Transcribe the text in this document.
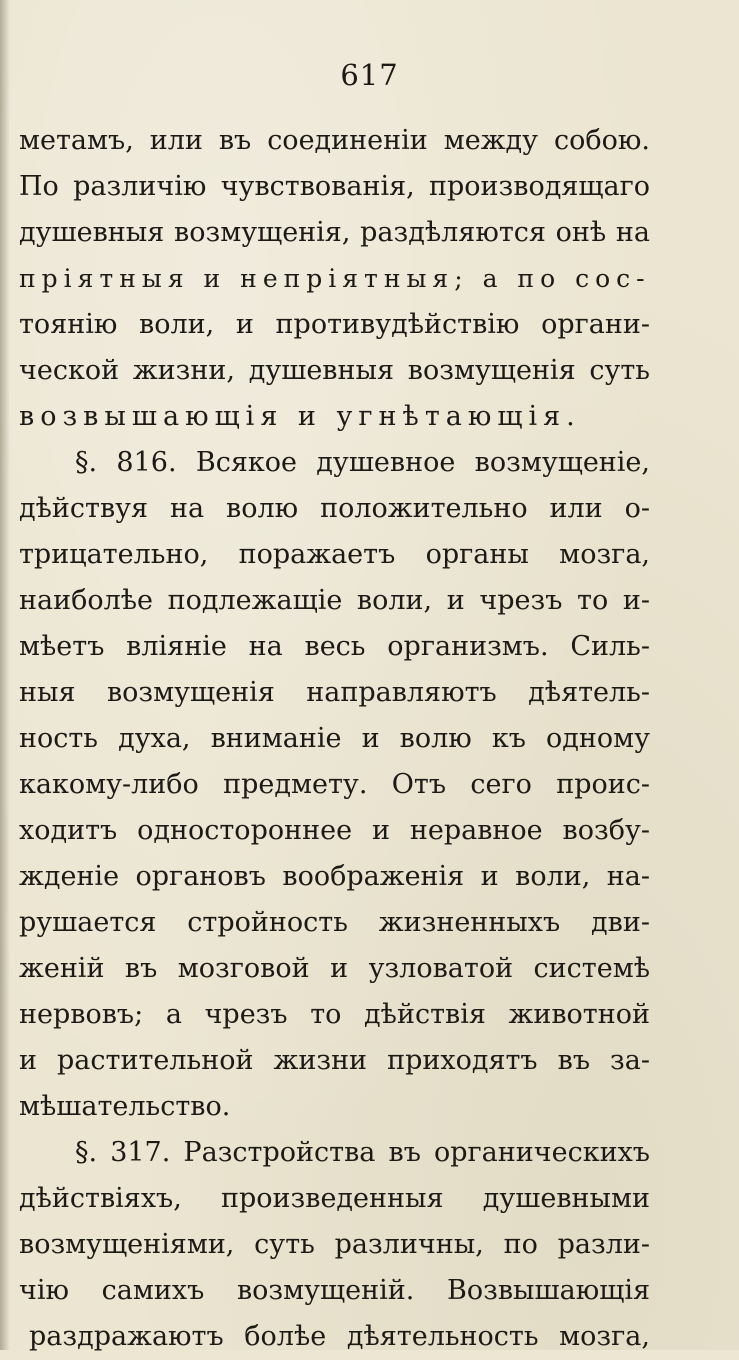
617
метамъ, или въ соединеніи между собою.
По различію чувствованія, производящаго
душевныя возмущенія, раздѣляются онѣ на
пріятныя и непріятныя; а по сос-
тоянію воли, и противудѣйствію органи-
ческой жизни, душевныя возмущенія суть
возвышающія и угнѣтающія.
§. 816. Всякое душевное возмущеніе,
дѣйствуя на волю положительно или о-
трицательно, поражаетъ органы мозга,
наиболѣе подлежащіе воли, и чрезъ то и-
мѣетъ вліяніе на весь организмъ. Силь-
ныя возмущенія направляютъ дѣятель-
ность духа, вниманіе и волю къ одному
какому-либо предмету. Отъ сего проис-
ходитъ одностороннее и неравное возбу-
жденіе органовъ воображенія и воли, на-
рушается стройность жизненныхъ дви-
женій въ мозговой и узловатой системѣ
нервовъ; а чрезъ то дѣйствія животной
и растительной жизни приходятъ въ за-
мѣшательство.
§. 317. Разстройства въ органическихъ
дѣйствіяхъ, произведенныя душевными
возмущеніями, суть различны, по разли-
чію самихъ возмущеній. Возвышающія
раздражаютъ болѣе дѣятельность мозга,
